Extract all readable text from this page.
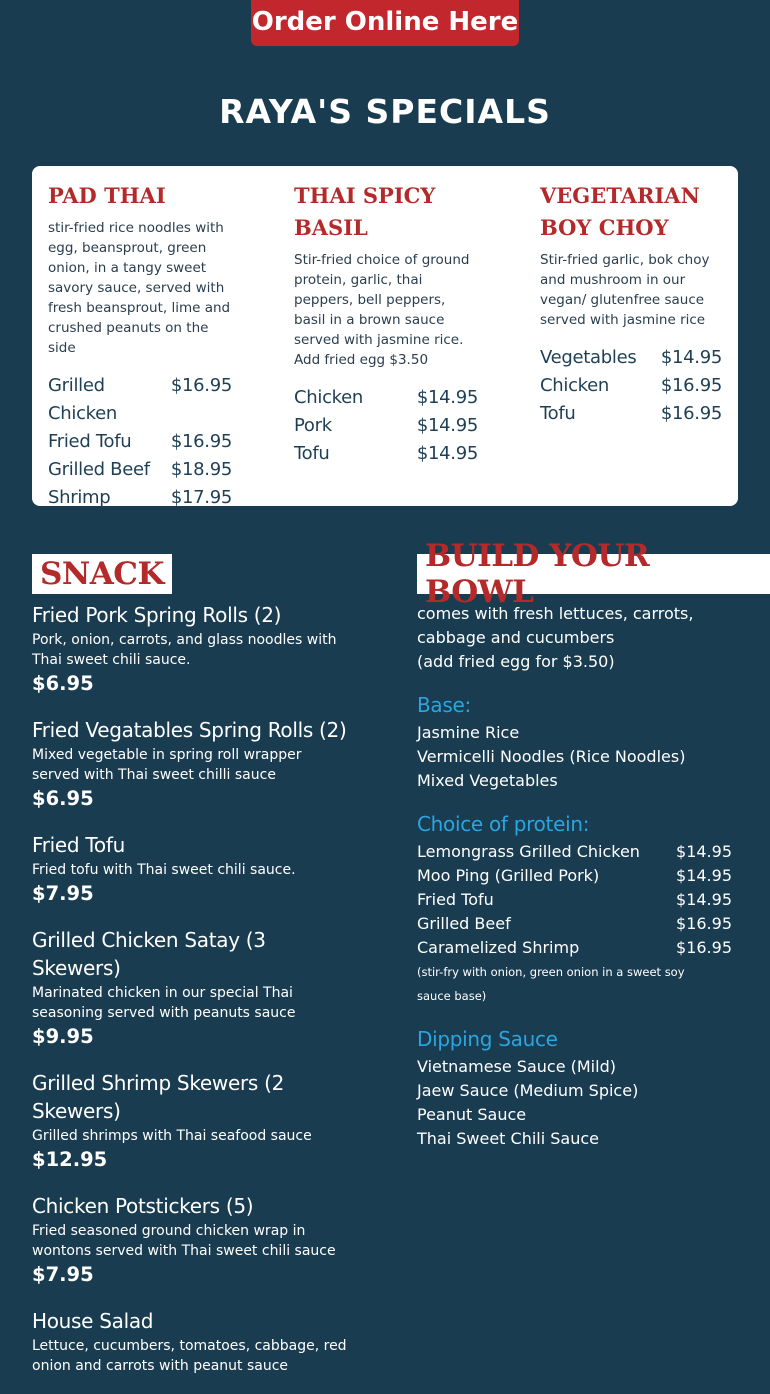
Order Online Here
RAYA'S SPECIALS
PAD THAI
stir-fried rice noodles with egg, beansprout, green onion, in a tangy sweet savory sauce, served with fresh beansprout, lime and crushed peanuts on the side
Grilled Chicken
$16.95
Fried Tofu $16.95
Grilled Beef $18.95
Shrimp	$17.95
THAI SPICY
BASIL
Stir-fried choice of ground protein, garlic, thai peppers, bell peppers, basil in a brown sauce served with jasmine rice. Add fried egg $3.50
Chicken	$14.95
Pork	$14.95
Tofu	$14.95
VEGETARIAN
BOY CHOY
Stir-fried garlic, bok choy and mushroom in our vegan/ glutenfree sauce served with jasmine rice
Vegetables $14.95
Chicken	$16.95
Tofu	$16.95
SNACK
Fried Pork Spring Rolls (2)
Pork, onion, carrots, and glass noodles with Thai sweet chili sauce.
$6.95
Fried Vegatables Spring Rolls (2)
Mixed vegetable in spring roll wrapper served with Thai sweet chilli sauce
$6.95
Fried Tofu
Fried tofu with Thai sweet chili sauce.
$7.95
Grilled Chicken Satay (3 Skewers)
Marinated chicken in our special Thai seasoning served with peanuts sauce
$9.95
Grilled Shrimp Skewers (2 Skewers)
Grilled shrimps with Thai seafood sauce
$12.95
Chicken Potstickers (5)
Fried seasoned ground chicken wrap in wontons served with Thai sweet chili sauce
$7.95
House Salad
Lettuce, cucumbers, tomatoes, cabbage, red onion and carrots with peanut sauce
BUILD YOUR BOWL
comes with fresh lettuces, carrots,
cabbage and cucumbers
(add fried egg for $3.50)
Base:
Jasmine Rice
Vermicelli Noodles (Rice Noodles)
Mixed Vegetables
Choice of protein:
Lemongrass Grilled Chicken $14.95
Moo Ping (Grilled Pork)	$14.95
Fried Tofu	$14.95
Grilled Beef	$16.95
Caramelized Shrimp	$16.95
(stir-fry with onion, green onion in a sweet soy
sauce base)
Dipping Sauce
Vietnamese Sauce (Mild)
Jaew Sauce (Medium Spice)
Peanut Sauce
Thai Sweet Chili Sauce
